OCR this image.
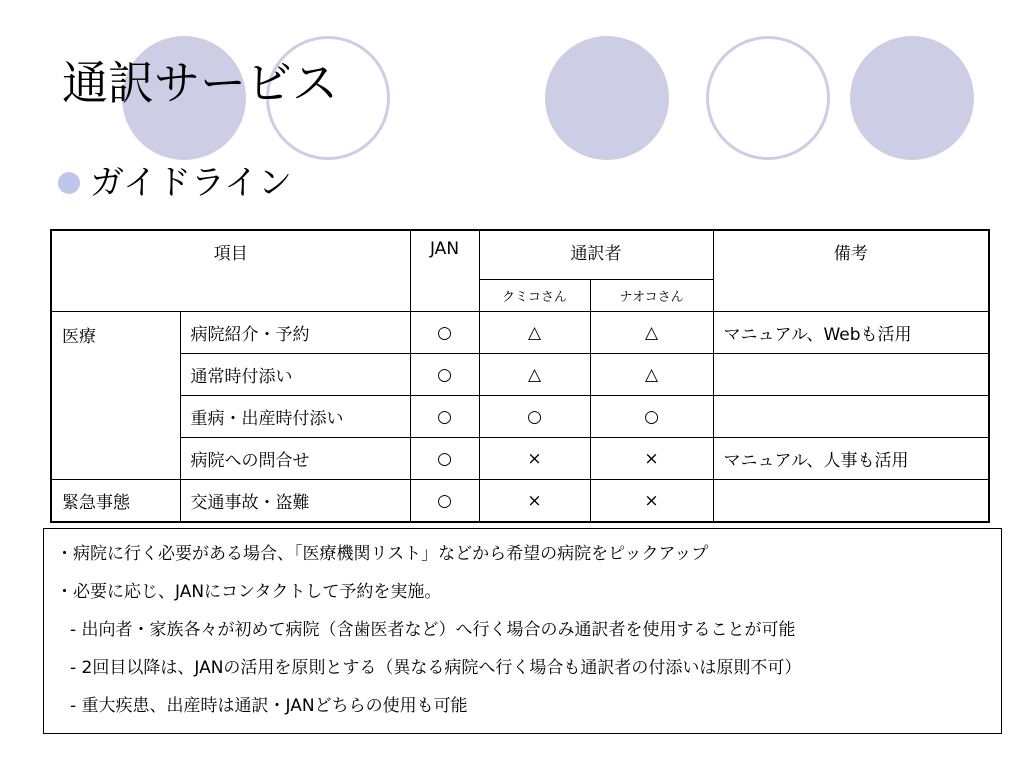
通訳サービス
ガイドライン
項目		JAN	通訳者		備考
			クミコさん	ナオコさん	
医療	病院紹介・予約	○	△	△	マニュアル、Webも活用
	通常時付添い	○	△	△	
	重病・出産時付添い	○	○	○	
	病院への問合せ	○	×	×	マニュアル、人事も活用
緊急事態	交通事故・盗難	○	×	×	
・病院に行く必要がある場合、「医療機関リスト」などから希望の病院をピックアップ
・必要に応じ、JANにコンタクトして予約を実施。
- 出向者・家族各々が初めて病院（含歯医者など）へ行く場合のみ通訳者を使用することが可能
- 2回目以降は、JANの活用を原則とする（異なる病院へ行く場合も通訳者の付添いは原則不可）
- 重大疾患、出産時は通訳・JANどちらの使用も可能
